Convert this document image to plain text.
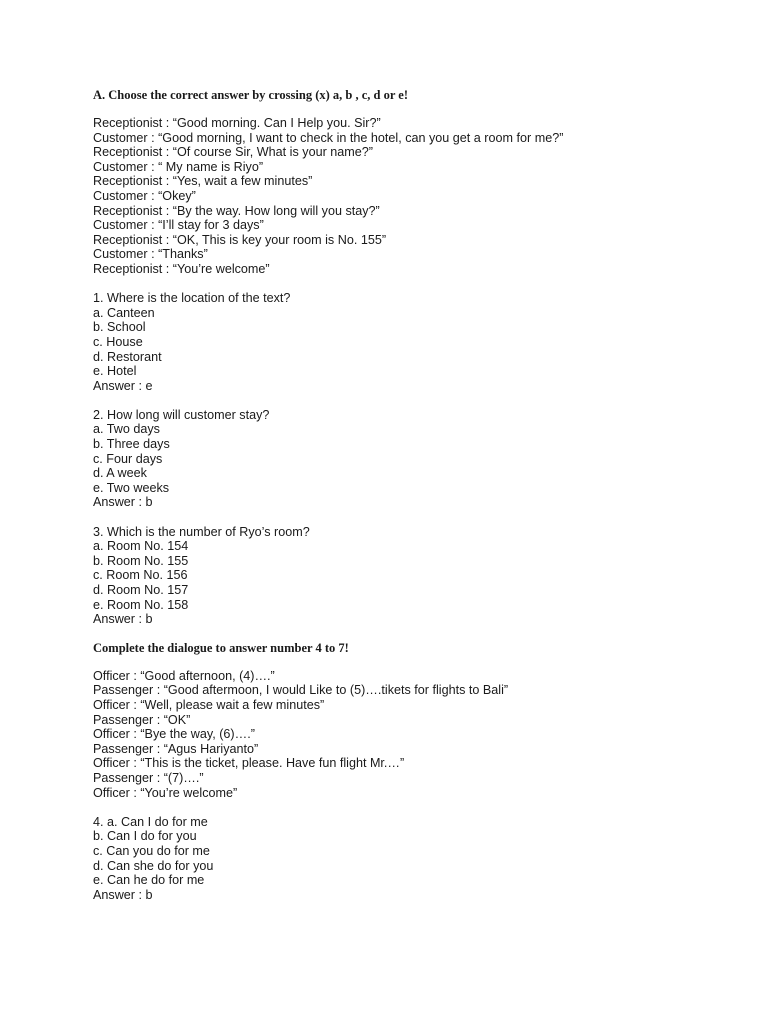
A. Choose the correct answer by crossing (x) a, b , c, d or e!

Receptionist : “Good morning. Can I Help you. Sir?”

Customer : “Good morning, I want to check in the hotel, can you get a room for me?”

Receptionist : “Of course Sir, What is your name?”

Customer : “ My name is Riyo”

Receptionist : “Yes, wait a few minutes”

Customer : “Okey”

Receptionist : “By the way. How long will you stay?”

Customer : “I’ll stay for 3 days”

Receptionist : “OK, This is key your room is No. 155”

Customer : “Thanks”

Receptionist : “You’re welcome”

1. Where is the location of the text?

a. Canteen

b. School

c. House

d. Restorant

e. Hotel

Answer : e

2. How long will customer stay?

a. Two days

b. Three days

c. Four days

d. A week

e. Two weeks

Answer : b

3. Which is the number of Ryo’s room?

a. Room No. 154

b. Room No. 155

c. Room No. 156

d. Room No. 157

e. Room No. 158

Answer : b

Complete the dialogue to answer number 4 to 7!

Officer : “Good afternoon, (4)….”

Passenger : “Good aftermoon, I would Like to (5)….tikets for flights to Bali”

Officer : “Well, please wait a few minutes”

Passenger : “OK”

Officer : “Bye the way, (6)….”

Passenger : “Agus Hariyanto”

Officer : “This is the ticket, please. Have fun flight Mr.…”

Passenger : “(7)….”

Officer : “You’re welcome”

4. a. Can I do for me

b. Can I do for you

c. Can you do for me

d. Can she do for you

e. Can he do for me

Answer : b
